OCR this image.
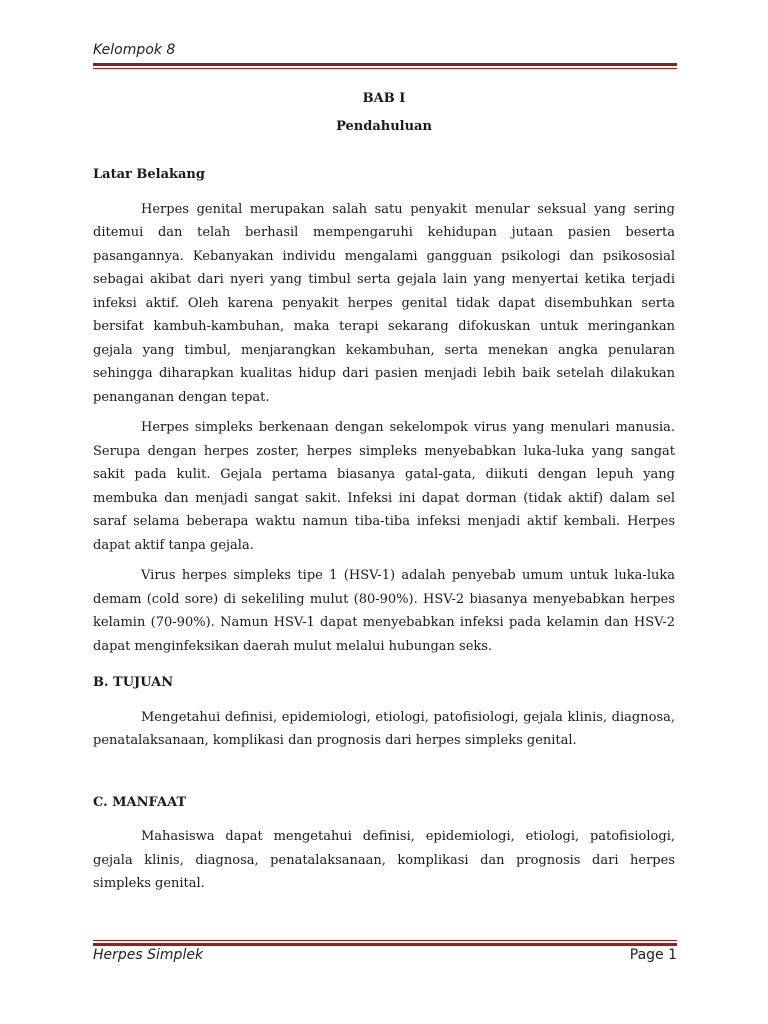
Kelompok 8

BAB I

Pendahuluan

Latar Belakang

Herpes genital merupakan salah satu penyakit menular seksual yang sering ditemui dan telah berhasil mempengaruhi kehidupan jutaan pasien beserta pasangannya. Kebanyakan individu mengalami gangguan psikologi dan psikososial sebagai akibat dari nyeri yang timbul serta gejala lain yang menyertai ketika terjadi infeksi aktif. Oleh karena penyakit herpes genital tidak dapat disembuhkan serta bersifat kambuh-kambuhan, maka terapi sekarang difokuskan untuk meringankan gejala yang timbul, menjarangkan kekambuhan, serta menekan angka penularan sehingga diharapkan kualitas hidup dari pasien menjadi lebih baik setelah dilakukan penanganan dengan tepat.

Herpes simpleks berkenaan dengan sekelompok virus yang menulari manusia. Serupa dengan herpes zoster, herpes simpleks menyebabkan luka-luka yang sangat sakit pada kulit. Gejala pertama biasanya gatal-gata, diikuti dengan lepuh yang membuka dan menjadi sangat sakit. Infeksi ini dapat dorman (tidak aktif) dalam sel saraf selama beberapa waktu namun tiba-tiba infeksi menjadi aktif kembali. Herpes dapat aktif tanpa gejala.

Virus herpes simpleks tipe 1 (HSV-1) adalah penyebab umum untuk luka-luka demam (cold sore) di sekeliling mulut (80-90%). HSV-2 biasanya menyebabkan herpes kelamin (70-90%). Namun HSV-1 dapat menyebabkan infeksi pada kelamin dan HSV-2 dapat menginfeksikan daerah mulut melalui hubungan seks.

B. TUJUAN

Mengetahui definisi, epidemiologi, etiologi, patofisiologi, gejala klinis, diagnosa, penatalaksanaan, komplikasi dan prognosis dari herpes simpleks genital.

C. MANFAAT

Mahasiswa dapat mengetahui definisi, epidemiologi, etiologi, patofisiologi, gejala klinis, diagnosa, penatalaksanaan, komplikasi dan prognosis dari herpes simpleks genital.

Herpes Simplek	Page 1
